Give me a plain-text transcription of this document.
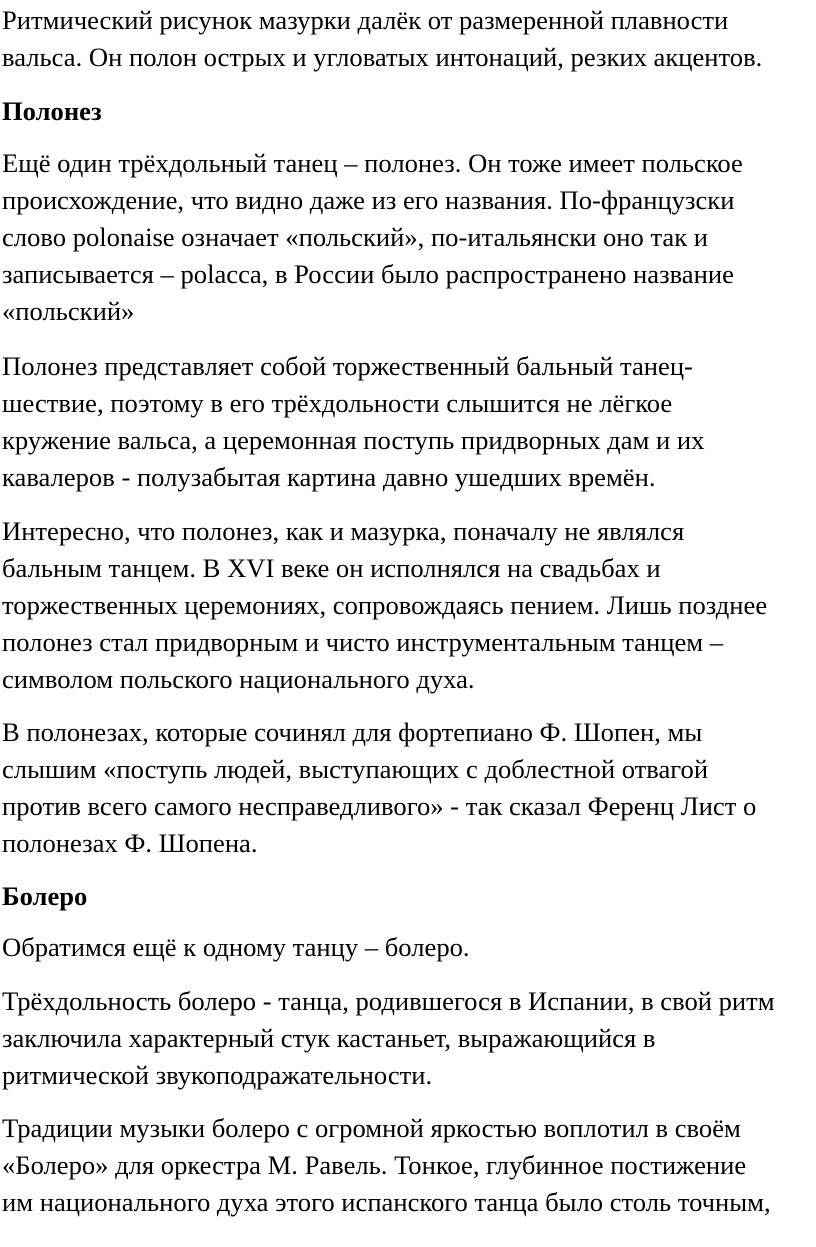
Ритмический рисунок мазурки далёк от размеренной плавности
вальса. Он полон острых и угловатых интонаций, резких акцентов.

Полонез

Ещё один трёхдольный танец – полонез. Он тоже имеет польское
происхождение, что видно даже из его названия. По-французски
слово polonaise означает «польский», по-итальянски оно так и
записывается – polacca, в России было распространено название
«польский»

Полонез представляет собой торжественный бальный танец-
шествие, поэтому в его трёхдольности слышится не лёгкое
кружение вальса, а церемонная поступь придворных дам и их
кавалеров - полузабытая картина давно ушедших времён.

Интересно, что полонез, как и мазурка, поначалу не являлся
бальным танцем. В XVI веке он исполнялся на свадьбах и
торжественных церемониях, сопровождаясь пением. Лишь позднее
полонез стал придворным и чисто инструментальным танцем –
символом польского национального духа.

В полонезах, которые сочинял для фортепиано Ф. Шопен, мы
слышим «поступь людей, выступающих с доблестной отвагой
против всего самого несправедливого» - так сказал Ференц Лист о
полонезах Ф. Шопена.

Болеро

Обратимся ещё к одному танцу – болеро.

Трёхдольность болеро - танца, родившегося в Испании, в свой ритм
заключила характерный стук кастаньет, выражающийся в
ритмической звукоподражательности.

Традиции музыки болеро с огромной яркостью воплотил в своём
«Болеро» для оркестра М. Равель. Тонкое, глубинное постижение
им национального духа этого испанского танца было столь точным,
